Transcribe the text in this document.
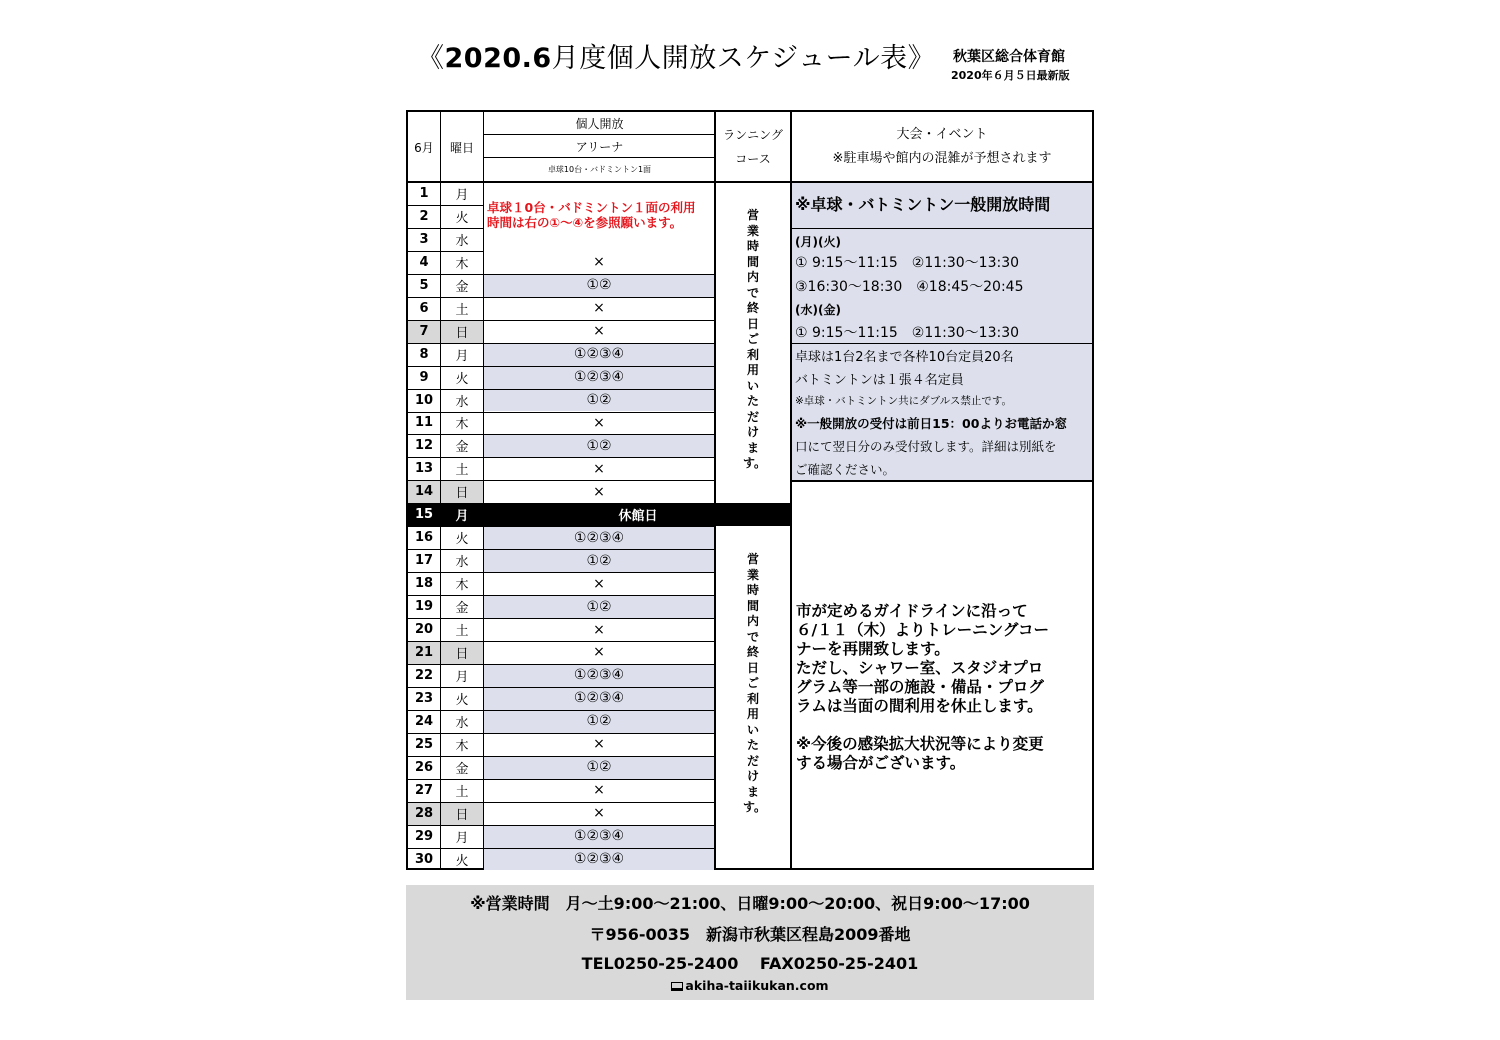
《2020.6月度個人開放スケジュール表》 秋葉区総合体育館
2020年６月５日最新版
6月	曜日
個人開放
アリーナ
卓球10台・バドミントン1面
ランニング
コース
大会・イベント
※駐車場や館内の混雑が予想されます
1	月
2	火
3	水
4	木	×
5	金	①②
6	土	×
7	日	×
8	月	①②③④
9	火	①②③④
10	水	①②
11	木	×
12	金	①②
13	土	×
14	日	×
15	月	休館日
16	火	①②③④
17	水	①②
18	木	×
19	金	①②
20	土	×
21	日	×
22	月	①②③④
23	火	①②③④
24	水	①②
25	木	×
26	金	①②
27	土	×
28	日	×
29	月	①②③④
30	火	①②③④
卓球１0台・バドミントン１面の利用
時間は右の①～④を参照願います。	営業時間内で終日ご利用いただけます。
営業時間内で終日ご利用いただけます。
※卓球・バトミントン一般開放時間
(月)(火)
① 9:15～11:15　②11:30～13:30
③16:30～18:30　④18:45～20:45
(水)(金)
① 9:15～11:15　②11:30～13:30
卓球は1台2名まで各枠10台定員20名
バトミントンは１張４名定員
※卓球・バトミントン共にダブルス禁止です。
※一般開放の受付は前日15：00よりお電話か窓
口にて翌日分のみ受付致します。詳細は別紙を
ご確認ください。
市が定めるガイドラインに沿って
６/１１（木）よりトレーニングコー
ナーを再開致します。
ただし、シャワー室、スタジオプロ
グラム等一部の施設・備品・プログ
ラムは当面の間利用を休止します。
※今後の感染拡大状況等により変更
する場合がございます。
※営業時間　月～土9:00～21:00、日曜9:00～20:00、祝日9:00～17:00
〒956-0035　新潟市秋葉区程島2009番地
TEL0250-25-2400　 FAX0250-25-2401
akiha-taiikukan.com
